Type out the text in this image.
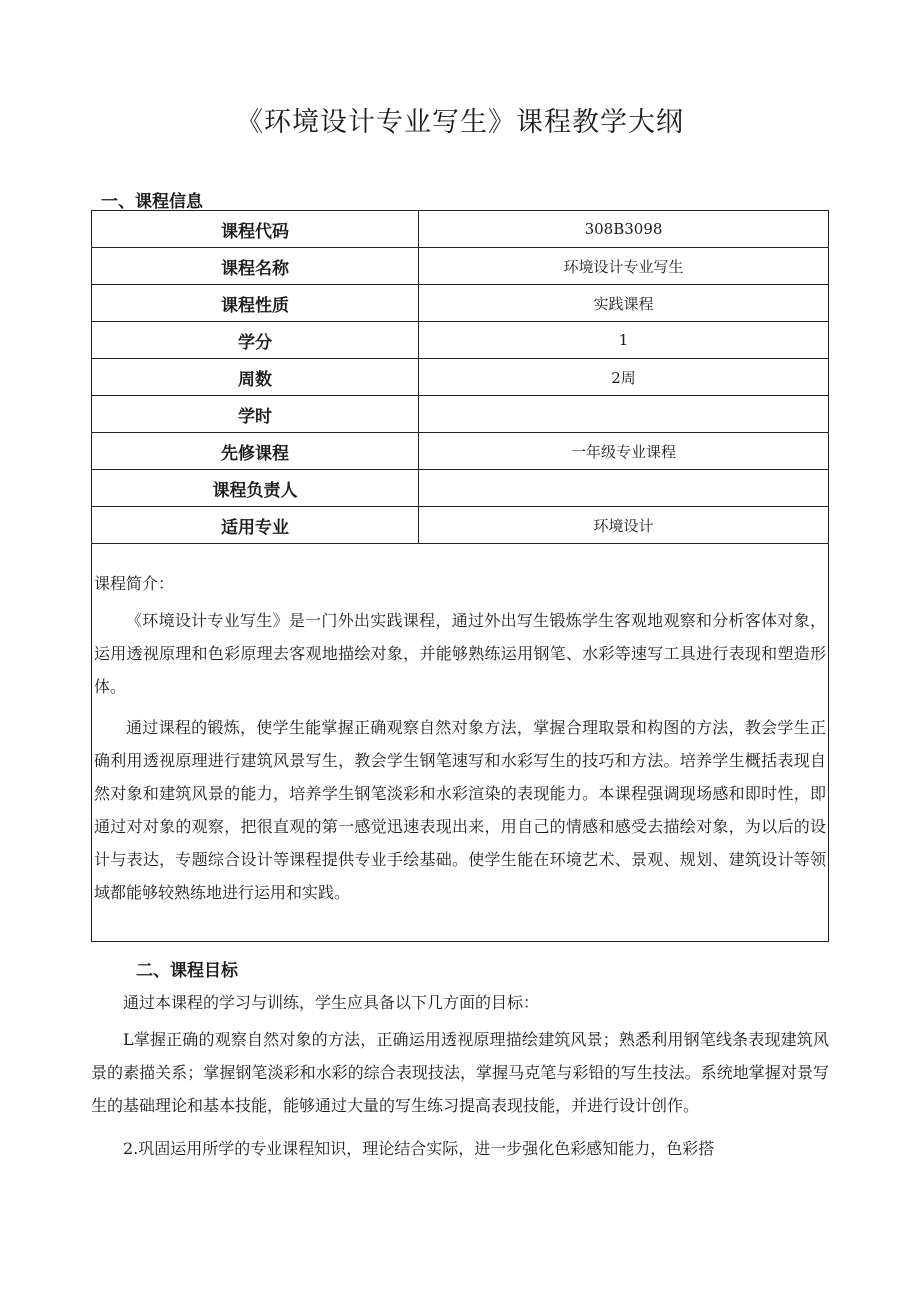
《环境设计专业写生》课程教学大纲
一、课程信息
课程代码	308B3098
课程名称	环境设计专业写生
课程性质	实践课程
学分	1
周数	2周
学时	
先修课程	一年级专业课程
课程负责人	
适用专业	环境设计

课程简介：

《环境设计专业写生》是一门外出实践课程，通过外出写生锻炼学生客观地观察和分析客体对象，运用透视原理和色彩原理去客观地描绘对象，并能够熟练运用钢笔、水彩等速写工具进行表现和塑造形体。

通过课程的锻炼，使学生能掌握正确观察自然对象方法，掌握合理取景和构图的方法，教会学生正确利用透视原理进行建筑风景写生，教会学生钢笔速写和水彩写生的技巧和方法。培养学生概括表现自然对象和建筑风景的能力，培养学生钢笔淡彩和水彩渲染的表现能力。本课程强调现场感和即时性，即通过对对象的观察，把很直观的第一感觉迅速表现出来，用自己的情感和感受去描绘对象，为以后的设计与表达，专题综合设计等课程提供专业手绘基础。使学生能在环境艺术、景观、规划、建筑设计等领域都能够较熟练地进行运用和实践。	

二、课程目标

通过本课程的学习与训练，学生应具备以下几方面的目标：

L掌握正确的观察自然对象的方法，正确运用透视原理描绘建筑风景；熟悉利用钢笔线条表现建筑风景的素描关系；掌握钢笔淡彩和水彩的综合表现技法，掌握马克笔与彩铅的写生技法。系统地掌握对景写生的基础理论和基本技能，能够通过大量的写生练习提高表现技能，并进行设计创作。

2.巩固运用所学的专业课程知识，理论结合实际，进一步强化色彩感知能力，色彩搭
